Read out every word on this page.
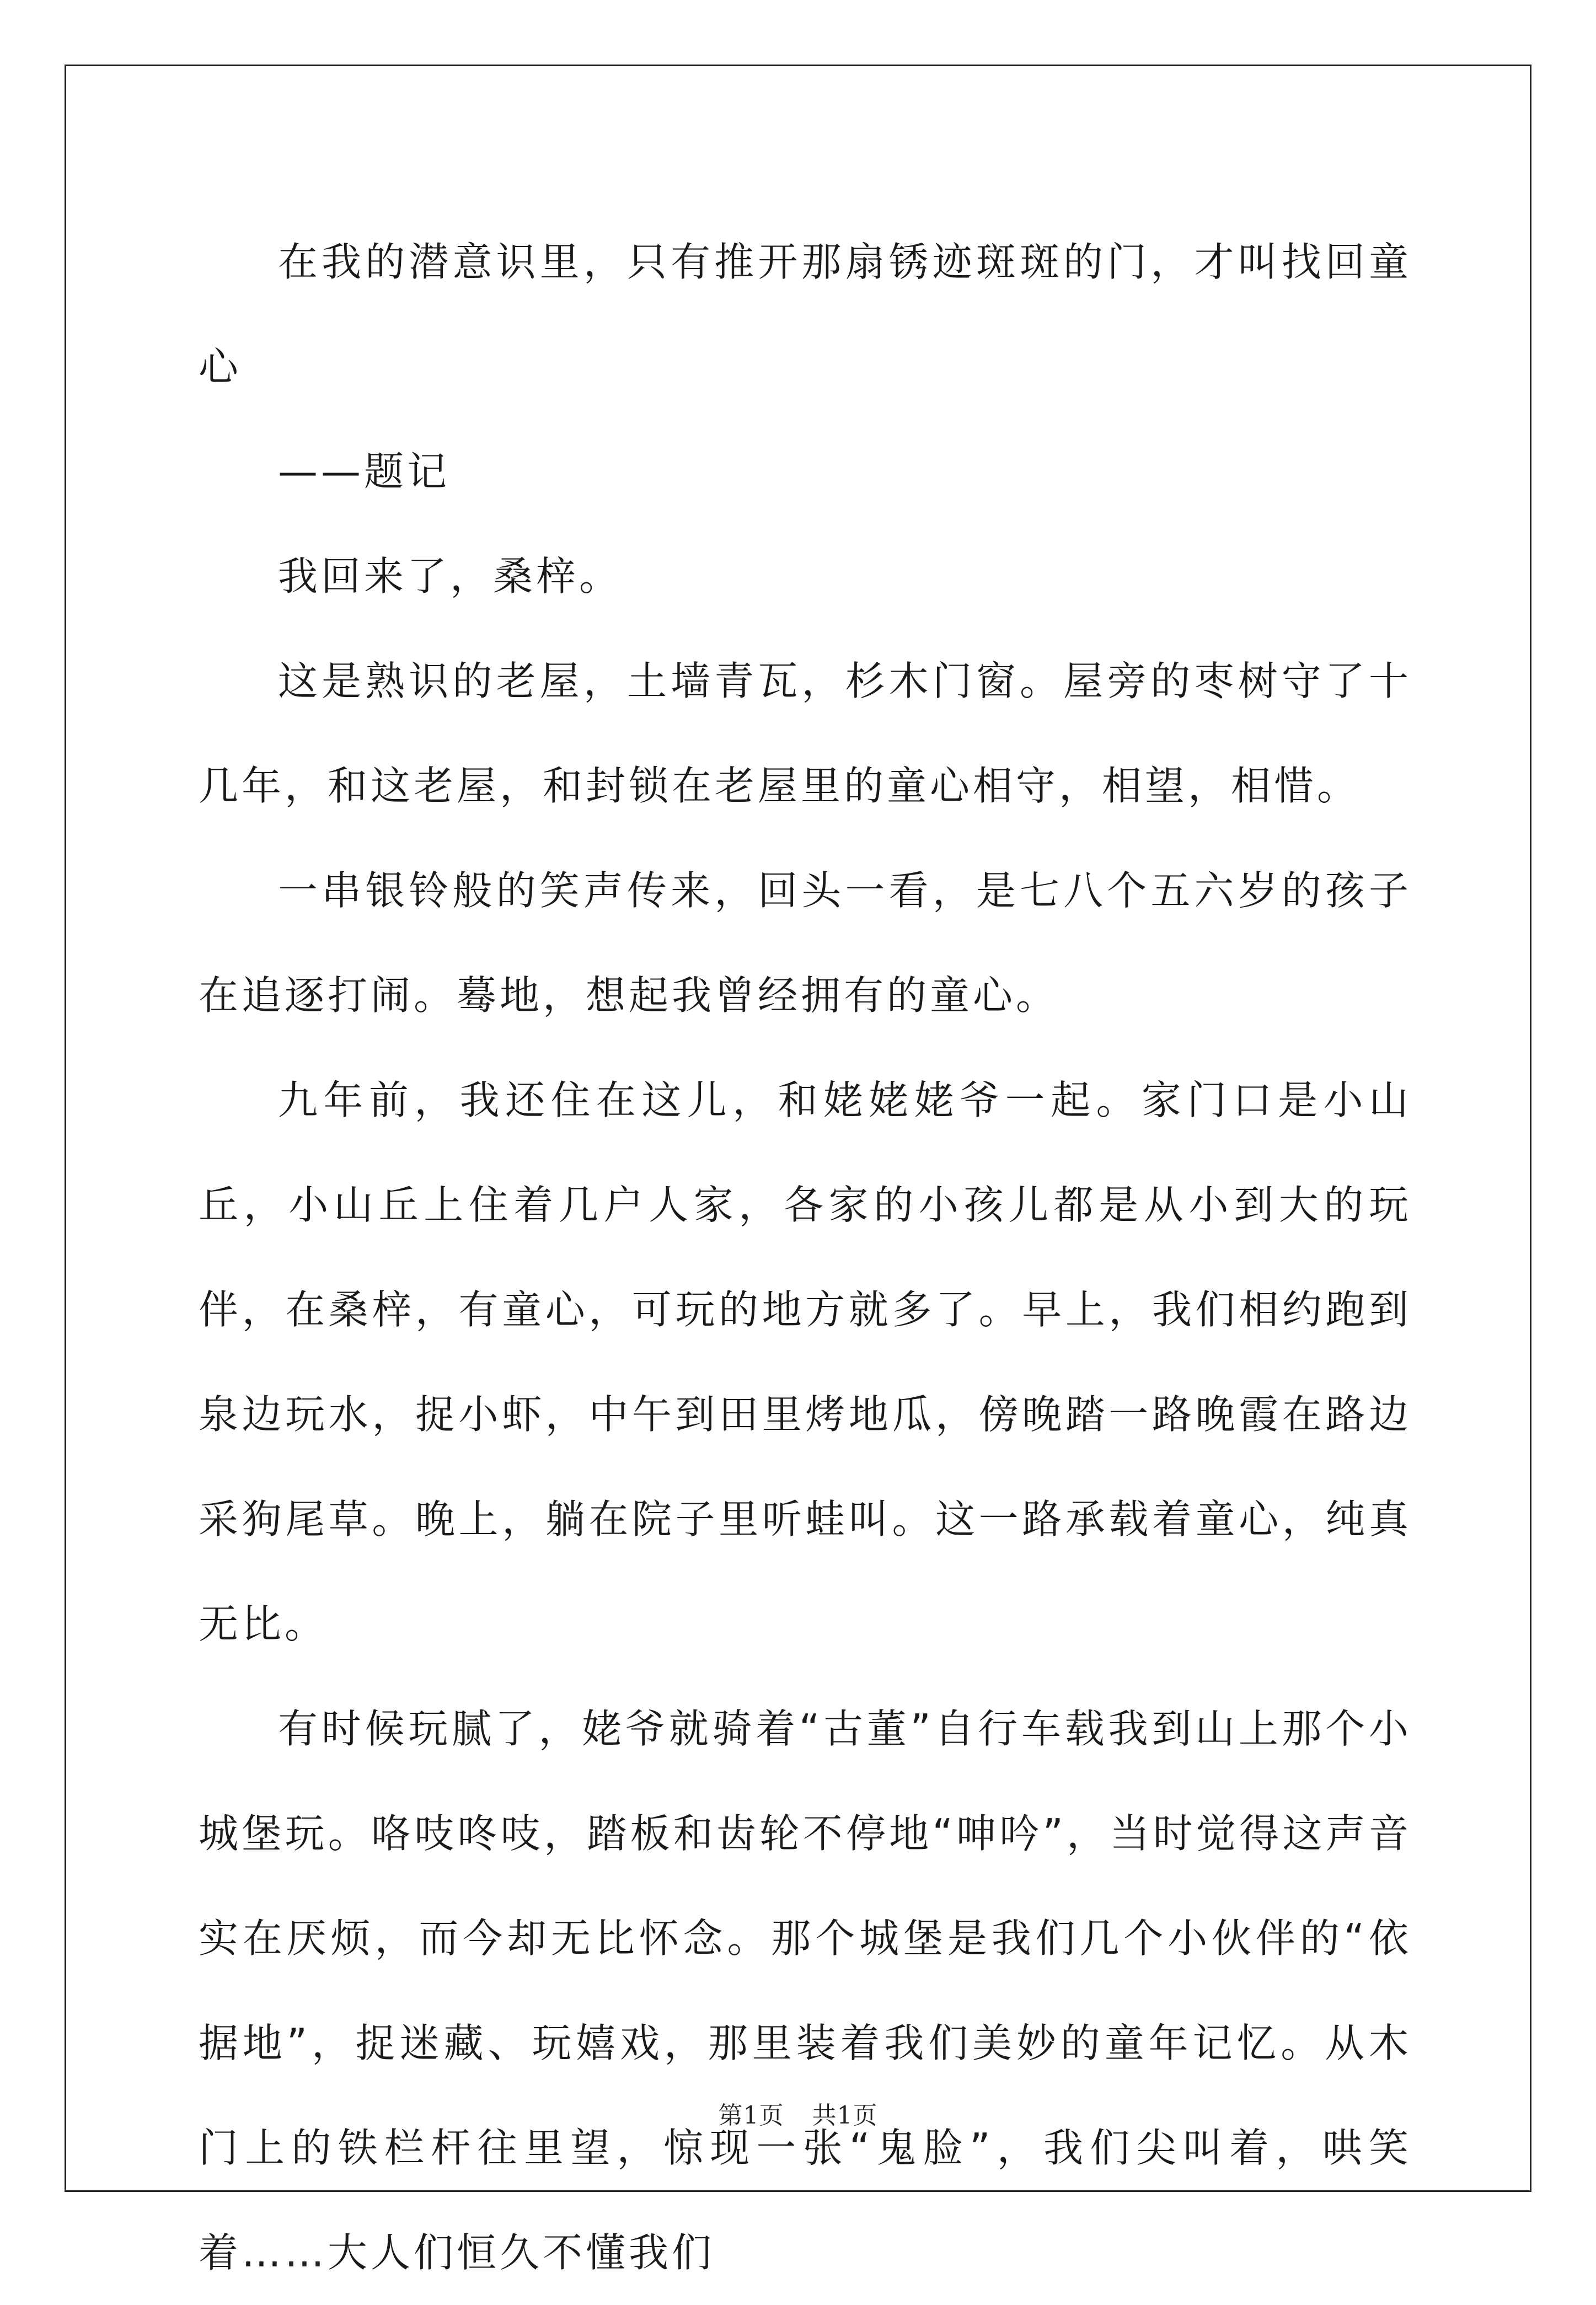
在我的潜意识里，只有推开那扇锈迹斑斑的门，才叫找回童心

——题记

我回来了，桑梓。

这是熟识的老屋，土墙青瓦，杉木门窗。屋旁的枣树守了十几年，和这老屋，和封锁在老屋里的童心相守，相望，相惜。

一串银铃般的笑声传来，回头一看，是七八个五六岁的孩子在追逐打闹。蓦地，想起我曾经拥有的童心。

九年前，我还住在这儿，和姥姥姥爷一起。家门口是小山丘，小山丘上住着几户人家，各家的小孩儿都是从小到大的玩伴，在桑梓，有童心，可玩的地方就多了。早上，我们相约跑到泉边玩水，捉小虾，中午到田里烤地瓜，傍晚踏一路晚霞在路边采狗尾草。晚上，躺在院子里听蛙叫。这一路承载着童心，纯真无比。

有时候玩腻了，姥爷就骑着“古董”自行车载我到山上那个小城堡玩。咯吱咚吱，踏板和齿轮不停地“呻吟”，当时觉得这声音实在厌烦，而今却无比怀念。那个城堡是我们几个小伙伴的“依据地”，捉迷藏、玩嬉戏，那里装着我们美妙的童年记忆。从木门上的铁栏杆往里望，惊现一张“鬼脸”，我们尖叫着，哄笑着……大人们恒久不懂我们

第1页 共1页
